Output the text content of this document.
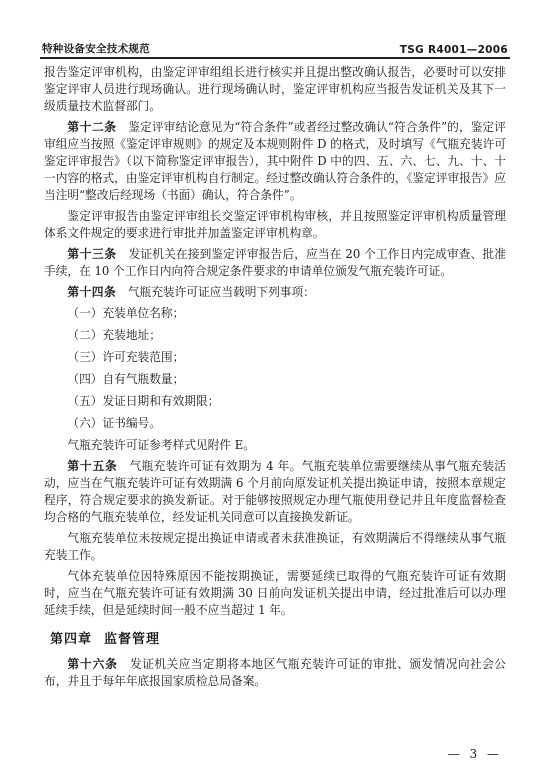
特种设备安全技术规范	TSG R4001—2006

报告鉴定评审机构，由鉴定评审组组长进行核实并且提出整改确认报告，必要时可以安排鉴定评审人员进行现场确认。进行现场确认时，鉴定评审机构应当报告发证机关及其下一级质量技术监督部门。

第十二条　 鉴定评审结论意见为“符合条件”或者经过整改确认“符合条件”的，鉴定评审组应当按照《鉴定评审规则》的规定及本规则附件 D 的格式，及时填写《气瓶充装许可鉴定评审报告》（以下简称鉴定评审报告），其中附件 D 中的四、五、六、七、九、十、十一内容的格式，由鉴定评审机构自行制定。经过整改确认符合条件的，《鉴定评审报告》应当注明“整改后经现场（书面）确认，符合条件”。

鉴定评审报告由鉴定评审组长交鉴定评审机构审核，并且按照鉴定评审机构质量管理体系文件规定的要求进行审批并加盖鉴定评审机构章。

第十三条　 发证机关在接到鉴定评审报告后，应当在 20 个工作日内完成审查、批准手续，在 10 个工作日内向符合规定条件要求的申请单位颁发气瓶充装许可证。

第十四条　 气瓶充装许可证应当载明下列事项：

（一）充装单位名称；

（二）充装地址；

（三）许可充装范围；

（四）自有气瓶数量；

（五）发证日期和有效期限；

（六）证书编号。

气瓶充装许可证参考样式见附件 E。

第十五条　 气瓶充装许可证有效期为 4 年。气瓶充装单位需要继续从事气瓶充装活动，应当在气瓶充装许可证有效期满 6 个月前向原发证机关提出换证申请，按照本章规定程序，符合规定要求的换发新证。对于能够按照规定办理气瓶使用登记并且年度监督检查均合格的气瓶充装单位，经发证机关同意可以直接换发新证。

气瓶充装单位未按规定提出换证申请或者未获准换证，有效期满后不得继续从事气瓶充装工作。

气体充装单位因特殊原因不能按期换证，需要延续已取得的气瓶充装许可证有效期时，应当在气瓶充装许可证有效期满 30 日前向发证机关提出申请，经过批准后可以办理延续手续，但是延续时间一般不应当超过 1 年。

第四章 监督管理

第十六条　 发证机关应当定期将本地区气瓶充装许可证的审批、颁发情况向社会公布，并且于每年年底报国家质检总局备案。

— 3 —
